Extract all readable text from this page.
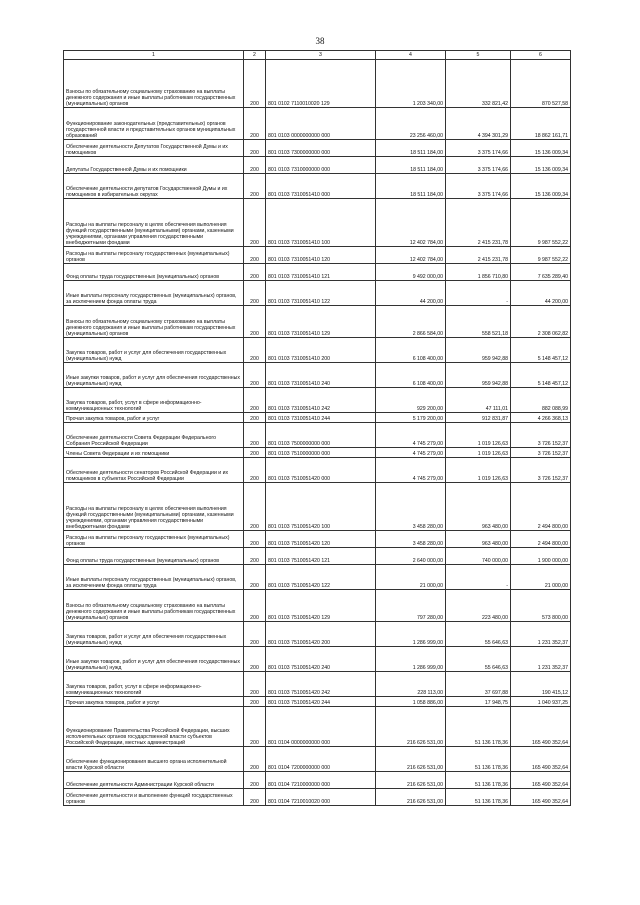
38
1	2	3	4	5	6
Взносы по обязательному социальному страхованию на выплаты денежного содержания и иные выплаты работникам государственных (муниципальных) органов	200	801 0102 7110010020 129	1 203 340,00	332 821,42	870 527,58
Функционирование законодательных (представительных) органов государственной власти и представительных органов муниципальных образований	200	801 0103 0000000000 000	23 256 460,00	4 394 301,29	18 862 161,71
Обеспечение деятельности Депутатов Государственной Думы и их помощников	200	801 0103 7300000000 000	18 511 184,00	3 375 174,66	15 136 009,34
Депутаты Государственной Думы и их помощники	200	801 0103 7310000000 000	18 511 184,00	3 375 174,66	15 136 009,34
Обеспечение деятельности депутатов Государственной Думы и их помощников в избирательных округах	200	801 0103 7310051410 000	18 511 184,00	3 375 174,66	15 136 009,34
Расходы на выплаты персоналу в целях обеспечения выполнения функций государственными (муниципальными) органами, казенными учреждениями, органами управления государственными внебюджетными фондами	200	801 0103 7310051410 100	12 402 784,00	2 415 231,78	9 987 552,22
Расходы на выплаты персоналу государственных (муниципальных) органов	200	801 0103 7310051410 120	12 402 784,00	2 415 231,78	9 987 552,22
Фонд оплаты труда государственных (муниципальных) органов	200	801 0103 7310051410 121	9 492 000,00	1 856 710,80	7 635 289,40
Иные выплаты персоналу государственных (муниципальных) органов, за исключением фонда оплаты труда	200	801 0103 7310051410 122	44 200,00	-	44 200,00
Взносы по обязательному социальному страхованию на выплаты денежного содержания и иные выплаты работникам государственных (муниципальных) органов	200	801 0103 7310051410 129	2 866 584,00	558 521,18	2 308 062,82
Закупка товаров, работ и услуг для обеспечения государственных (муниципальных) нужд	200	801 0103 7310051410 200	6 108 400,00	959 942,88	5 148 457,12
Иные закупки товаров, работ и услуг для обеспечения государственных (муниципальных) нужд	200	801 0103 7310051410 240	6 108 400,00	959 942,88	5 148 457,12
Закупка товаров, работ, услуг в сфере информационно-коммуникационных технологий	200	801 0103 7310051410 242	929 200,00	47 111,01	882 088,99
Прочая закупка товаров, работ и услуг	200	801 0103 7310051410 244	5 179 200,00	912 831,87	4 266 368,13
Обеспечение деятельности Совета Федерации Федерального Собрания Российской Федерации	200	801 0103 7500000000 000	4 745 279,00	1 019 126,63	3 726 152,37
Члены Совета Федерации и их помощники	200	801 0103 7510000000 000	4 745 279,00	1 019 126,63	3 726 152,37
Обеспечение деятельности сенаторов Российской Федерации и их помощников в субъектах Российской Федерации	200	801 0103 7510051420 000	4 745 279,00	1 019 126,63	3 726 152,37
Расходы на выплаты персоналу в целях обеспечения выполнения функций государственными (муниципальными) органами, казенными учреждениями, органами управления государственными внебюджетными фондами	200	801 0103 7510051420 100	3 458 280,00	963 480,00	2 494 800,00
Расходы на выплаты персоналу государственных (муниципальных) органов	200	801 0103 7510051420 120	3 458 280,00	963 480,00	2 494 800,00
Фонд оплаты труда государственных (муниципальных) органов	200	801 0103 7510051420 121	2 640 000,00	740 000,00	1 900 000,00
Иные выплаты персоналу государственных (муниципальных) органов, за исключением фонда оплаты труда	200	801 0103 7510051420 122	21 000,00	-	21 000,00
Взносы по обязательному социальному страхованию на выплаты денежного содержания и иные выплаты работникам государственных (муниципальных) органов	200	801 0103 7510051420 129	797 280,00	223 480,00	573 800,00
Закупка товаров, работ и услуг для обеспечения государственных (муниципальных) нужд	200	801 0103 7510051420 200	1 286 999,00	55 646,63	1 231 352,37
Иные закупки товаров, работ и услуг для обеспечения государственных (муниципальных) нужд	200	801 0103 7510051420 240	1 286 999,00	55 646,63	1 231 352,37
Закупка товаров, работ, услуг в сфере информационно-коммуникационных технологий	200	801 0103 7510051420 242	228 113,00	37 697,88	190 415,12
Прочая закупка товаров, работ и услуг	200	801 0103 7510051420 244	1 058 886,00	17 948,75	1 040 937,25
Функционирование Правительства Российской Федерации, высших исполнительных органов государственной власти субъектов Российской Федерации, местных администраций	200	801 0104 0000000000 000	216 626 531,00	51 136 178,36	165 490 352,64
Обеспечение функционирования высшего органа исполнительной власти Курской области	200	801 0104 7200000000 000	216 626 531,00	51 136 178,36	165 490 352,64
Обеспечение деятельности Администрации Курской области	200	801 0104 7210000000 000	216 626 531,00	51 136 178,36	165 490 352,64
Обеспечение деятельности и выполнение функций государственных органов	200	801 0104 7210010020 000	216 626 531,00	51 136 178,36	165 490 352,64
